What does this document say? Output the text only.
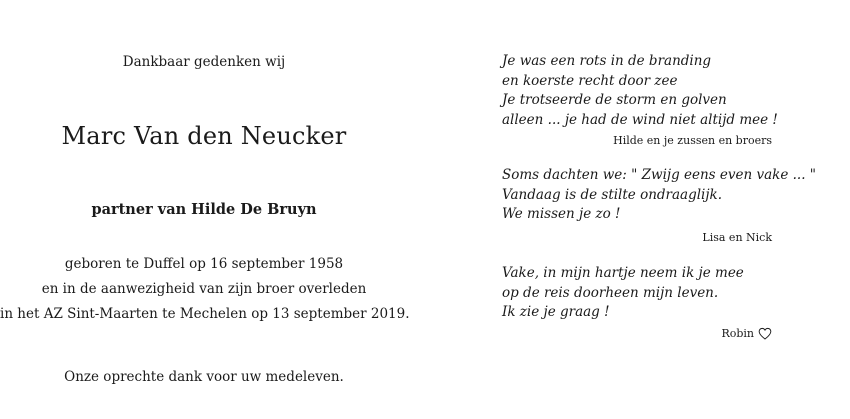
Dankbaar gedenken wij
Marc Van den Neucker
partner van Hilde De Bruyn
geboren te Duffel op 16 september 1958
en in de aanwezigheid van zijn broer overleden
in het AZ Sint-Maarten te Mechelen op 13 september 2019.
Onze oprechte dank voor uw medeleven.
Je was een rots in de branding
en koerste recht door zee
Je trotseerde de storm en golven
alleen ... je had de wind niet altijd mee !
Hilde en je zussen en broers
Soms dachten we: " Zwijg eens even vake ... "
Vandaag is de stilte ondraaglijk.
We missen je zo !
Lisa en Nick
Vake, in mijn hartje neem ik je mee
op de reis doorheen mijn leven.
Ik zie je graag !
Robin
